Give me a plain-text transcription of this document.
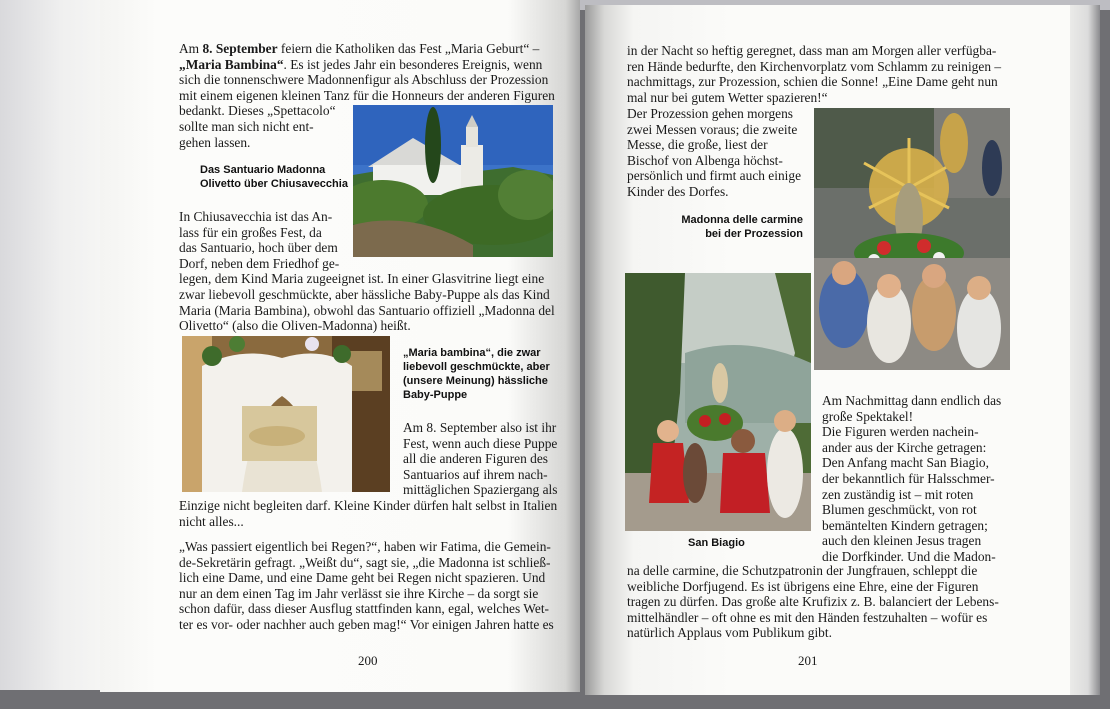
Am 8. September feiern die Katholiken das Fest „Maria Geburt“ –

„Maria Bambina“. Es ist jedes Jahr ein besonderes Ereignis, wenn

sich die tonnenschwere Madonnenfigur als Abschluss der Prozession

mit einem eigenen kleinen Tanz für die Honneurs der anderen Figuren

bedankt. Dieses „Spettacolo“

sollte man sich nicht ent-

gehen lassen.

Das Santuario Madonna
Olivetto über Chiusavecchia

In Chiusavecchia ist das An-

lass für ein großes Fest, da

das Santuario, hoch über dem

Dorf, neben dem Friedhof ge-

legen, dem Kind Maria zugeeignet ist. In einer Glasvitrine liegt eine

zwar liebevoll geschmückte, aber hässliche Baby-Puppe als das Kind

Maria (Maria Bambina), obwohl das Santuario offiziell „Madonna del

Olivetto“ (also die Oliven-Madonna) heißt.

„Maria bambina“, die zwar
liebevoll geschmückte, aber
(unsere Meinung) hässliche
Baby-Puppe

Am 8. September also ist ihr

Fest, wenn auch diese Puppe

all die anderen Figuren des

Santuarios auf ihrem nach-

mittäglichen Spaziergang als

Einzige nicht begleiten darf. Kleine Kinder dürfen halt selbst in Italien

nicht alles...

„Was passiert eigentlich bei Regen?“, haben wir Fatima, die Gemein-

de-Sekretärin gefragt. „Weißt du“, sagt sie, „die Madonna ist schließ-

lich eine Dame, und eine Dame geht bei Regen nicht spazieren. Und

nur an dem einen Tag im Jahr verlässt sie ihre Kirche – da sorgt sie

schon dafür, dass dieser Ausflug stattfinden kann, egal, welches Wet-

ter es vor- oder nachher auch geben mag!“ Vor einigen Jahren hatte es

200

in der Nacht so heftig geregnet, dass man am Morgen aller verfügba-

ren Hände bedurfte, den Kirchenvorplatz vom Schlamm zu reinigen –

nachmittags, zur Prozession, schien die Sonne! „Eine Dame geht nun

mal nur bei gutem Wetter spazieren!“

Der Prozession gehen morgens

zwei Messen voraus; die zweite

Messe, die große, liest der

Bischof von Albenga höchst-

persönlich und firmt auch einige

Kinder des Dorfes.

Madonna delle carmine
bei der Prozession
San Biagio

Am Nachmittag dann endlich das

große Spektakel!

Die Figuren werden nachein-

ander aus der Kirche getragen:

Den Anfang macht San Biagio,

der bekanntlich für Halsschmer-

zen zuständig ist – mit roten

Blumen geschmückt, von rot

bemäntelten Kindern getragen;

auch den kleinen Jesus tragen

die Dorfkinder. Und die Madon-

na delle carmine, die Schutzpatronin der Jungfrauen, schleppt die

weibliche Dorfjugend. Es ist übrigens eine Ehre, eine der Figuren

tragen zu dürfen. Das große alte Krufizix z. B. balanciert der Lebens-

mittelhändler – oft ohne es mit den Händen festzuhalten – wofür es

natürlich Applaus vom Publikum gibt.

201
